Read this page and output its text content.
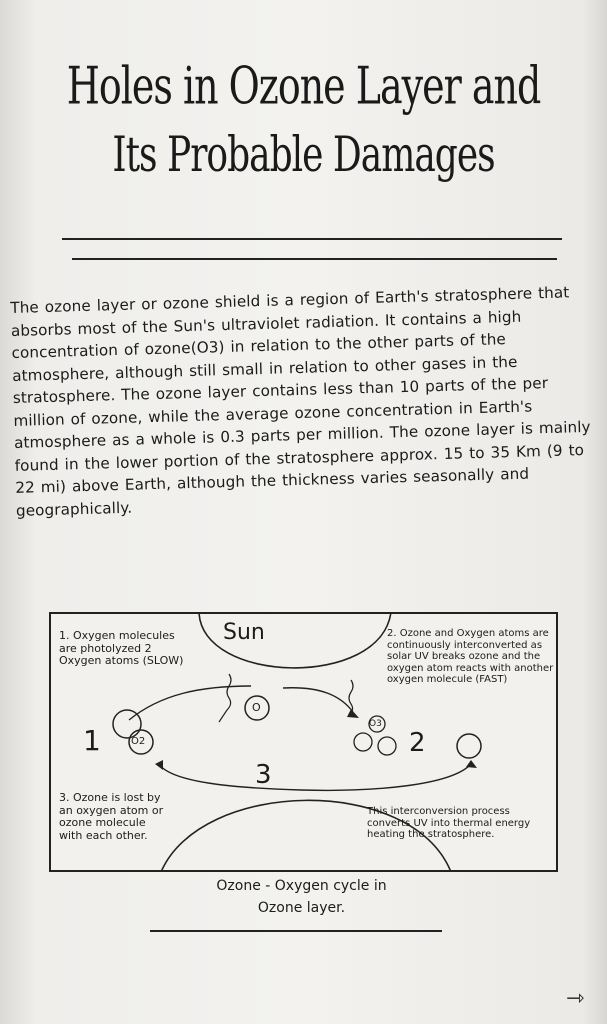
Holes in Ozone Layer and
Its Probable Damages

The ozone layer or ozone shield is a region of Earth's stratosphere that absorbs most of the Sun's ultraviolet radiation. It contains a high concentration of ozone(O3) in relation to the other parts of the atmosphere, although still small in relation to other gases in the stratosphere. The ozone layer contains less than 10 parts of the per million of ozone, while the average ozone concentration in Earth's atmosphere as a whole is 0.3 parts per million. The ozone layer is mainly found in the lower portion of the stratosphere approx. 15 to 35 Km (9 to 22 mi) above Earth, although the thickness varies seasonally and geographically.

Sun
1. Oxygen molecules are photolyzed 2 Oxygen atoms (SLOW)
2. Ozone and Oxygen atoms are continuously interconverted as solar UV breaks ozone and the oxygen atom reacts with another oxygen molecule (FAST)
3. Ozone is lost by an oxygen atom or ozone molecule with each other.
This interconversion process converts UV into thermal energy heating the stratosphere.
1	2
3
O2
O
O3
Ozone - Oxygen cycle in
Ozone layer.
⇾
